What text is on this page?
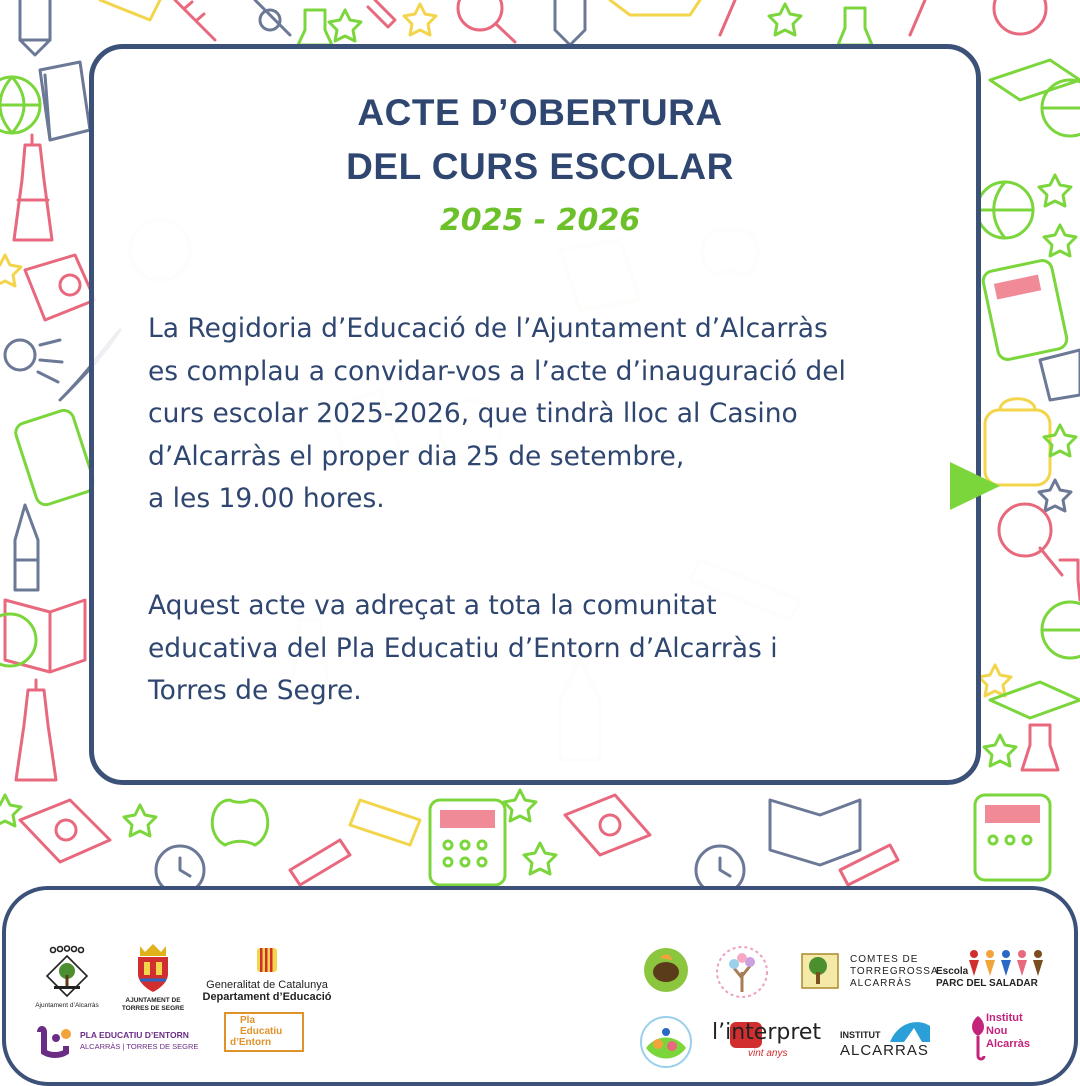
ACTE D’OBERTURA
DEL CURS ESCOLAR
2025 - 2026
La Regidoria d’Educació de l’Ajuntament d’Alcarràs
es complau a convidar-vos a l’acte d’inauguració del
curs escolar 2025-2026, que tindrà lloc al Casino
d’Alcarràs el proper dia 25 de setembre,
a les 19.00 hores.
Aquest acte va adreçat a tota la comunitat
educativa del Pla Educatiu d’Entorn d’Alcarràs i
Torres de Segre.
Ajuntament d’Alcarràs
AJUNTAMENT DE
TORRES DE SEGRE
Generalitat de Catalunya
Departament d’Educació
PLA EDUCATIU D’ENTORN
ALCARRÀS | TORRES DE SEGRE
Pla
Educatiu
d’Entorn
COMTES DE
TORREGROSSA
ALCARRÀS
Escola
PARC DEL SALADAR
l’interpret
vint anys
INSTITUT
ALCARRAS
Institut
Nou
Alcarràs
